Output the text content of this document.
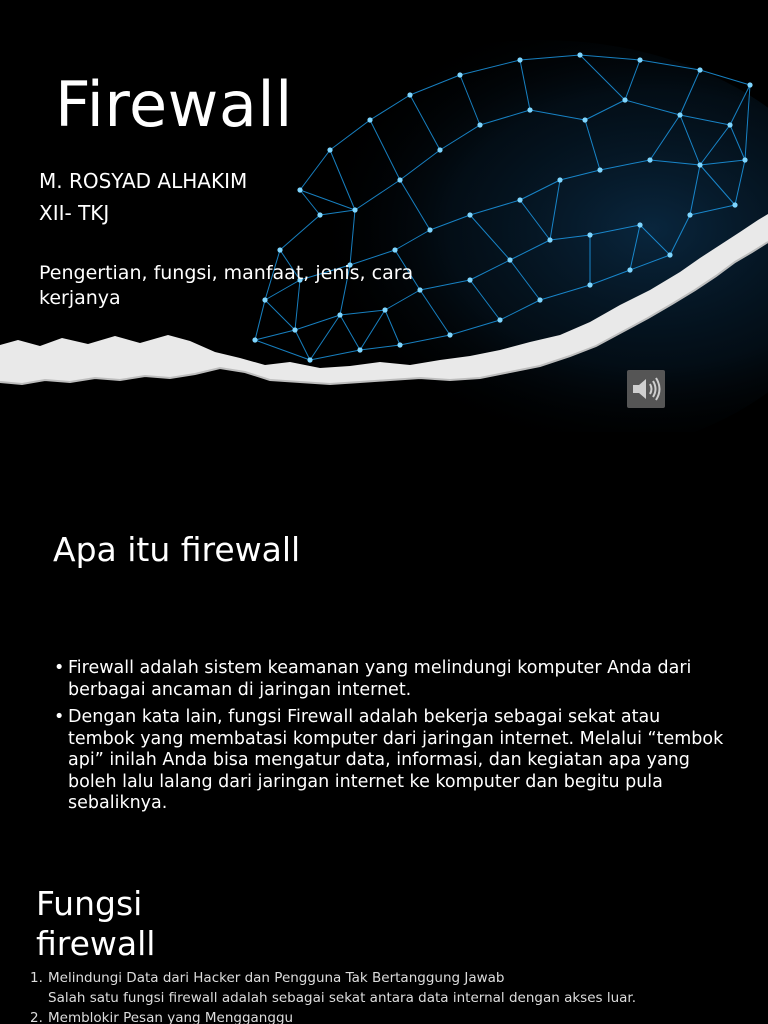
Firewall
M. ROSYAD ALHAKIM
XII- TKJ
Pengertian, fungsi, manfaat, jenis, cara kerjanya
Apa itu firewall
• Firewall adalah sistem keamanan yang melindungi komputer Anda dari berbagai ancaman di jaringan internet.
• Dengan kata lain, fungsi Firewall adalah bekerja sebagai sekat atau tembok yang membatasi komputer dari jaringan internet. Melalui “tembok api” inilah Anda bisa mengatur data, informasi, dan kegiatan apa yang boleh lalu lalang dari jaringan internet ke komputer dan begitu pula sebaliknya.
Fungsi firewall
1. Melindungi Data dari Hacker dan Pengguna Tak Bertanggung Jawab
Salah satu fungsi firewall adalah sebagai sekat antara data internal dengan akses luar.
2. Memblokir Pesan yang Mengganggu
